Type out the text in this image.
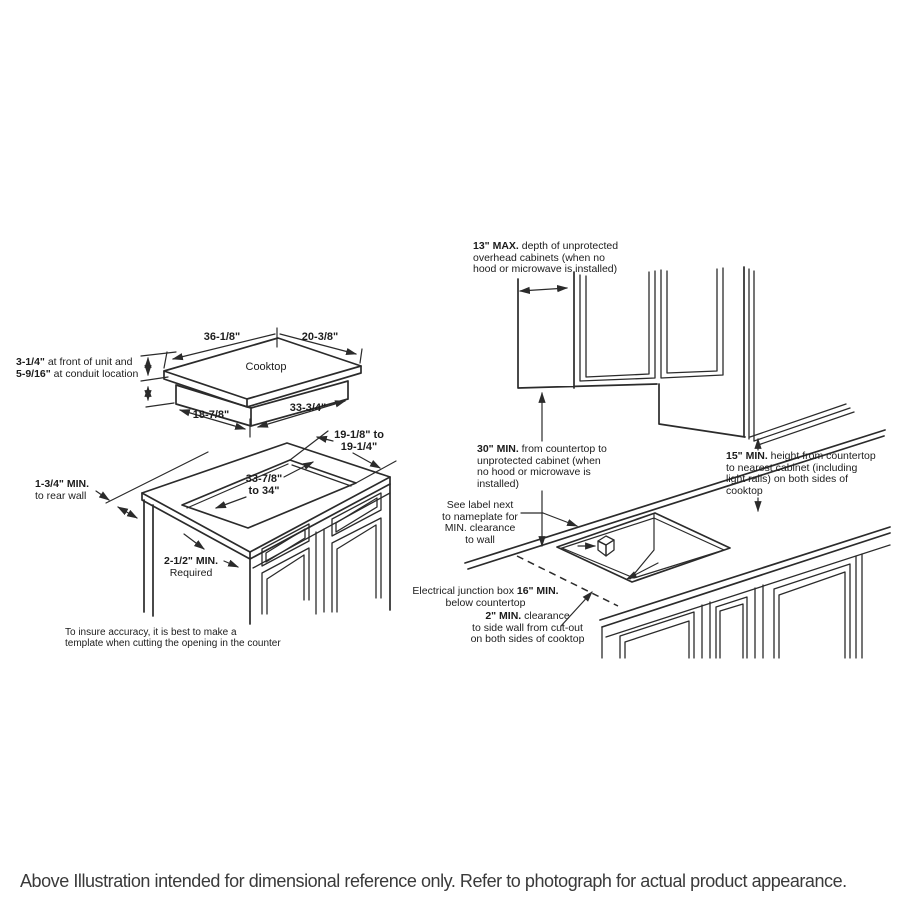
36-1/8"	20-3/8"
Cooktop
3-1/4" at front of unit and
5-9/16" at conduit location
18-7/8"
33-3/4"
19-1/8" to
19-1/4"
33-7/8"
to 34"
1-3/4" MIN.
to rear wall
2-1/2" MIN.
Required
To insure accuracy, it is best to make a
template when cutting the opening in the counter
13" MAX. depth of unprotected
overhead cabinets (when no
hood or microwave is installed)
30" MIN. from countertop to
unprotected cabinet (when
no hood or microwave is
installed)
15" MIN. height from countertop
to nearest cabinet (including
light rails) on both sides of
cooktop
See label next
to nameplate for
MIN. clearance
to wall
Electrical junction box 16" MIN.
below countertop
2" MIN. clearance
to side wall from cut-out
on both sides of cooktop
Above Illustration intended for dimensional reference only. Refer to photograph for actual product appearance.
